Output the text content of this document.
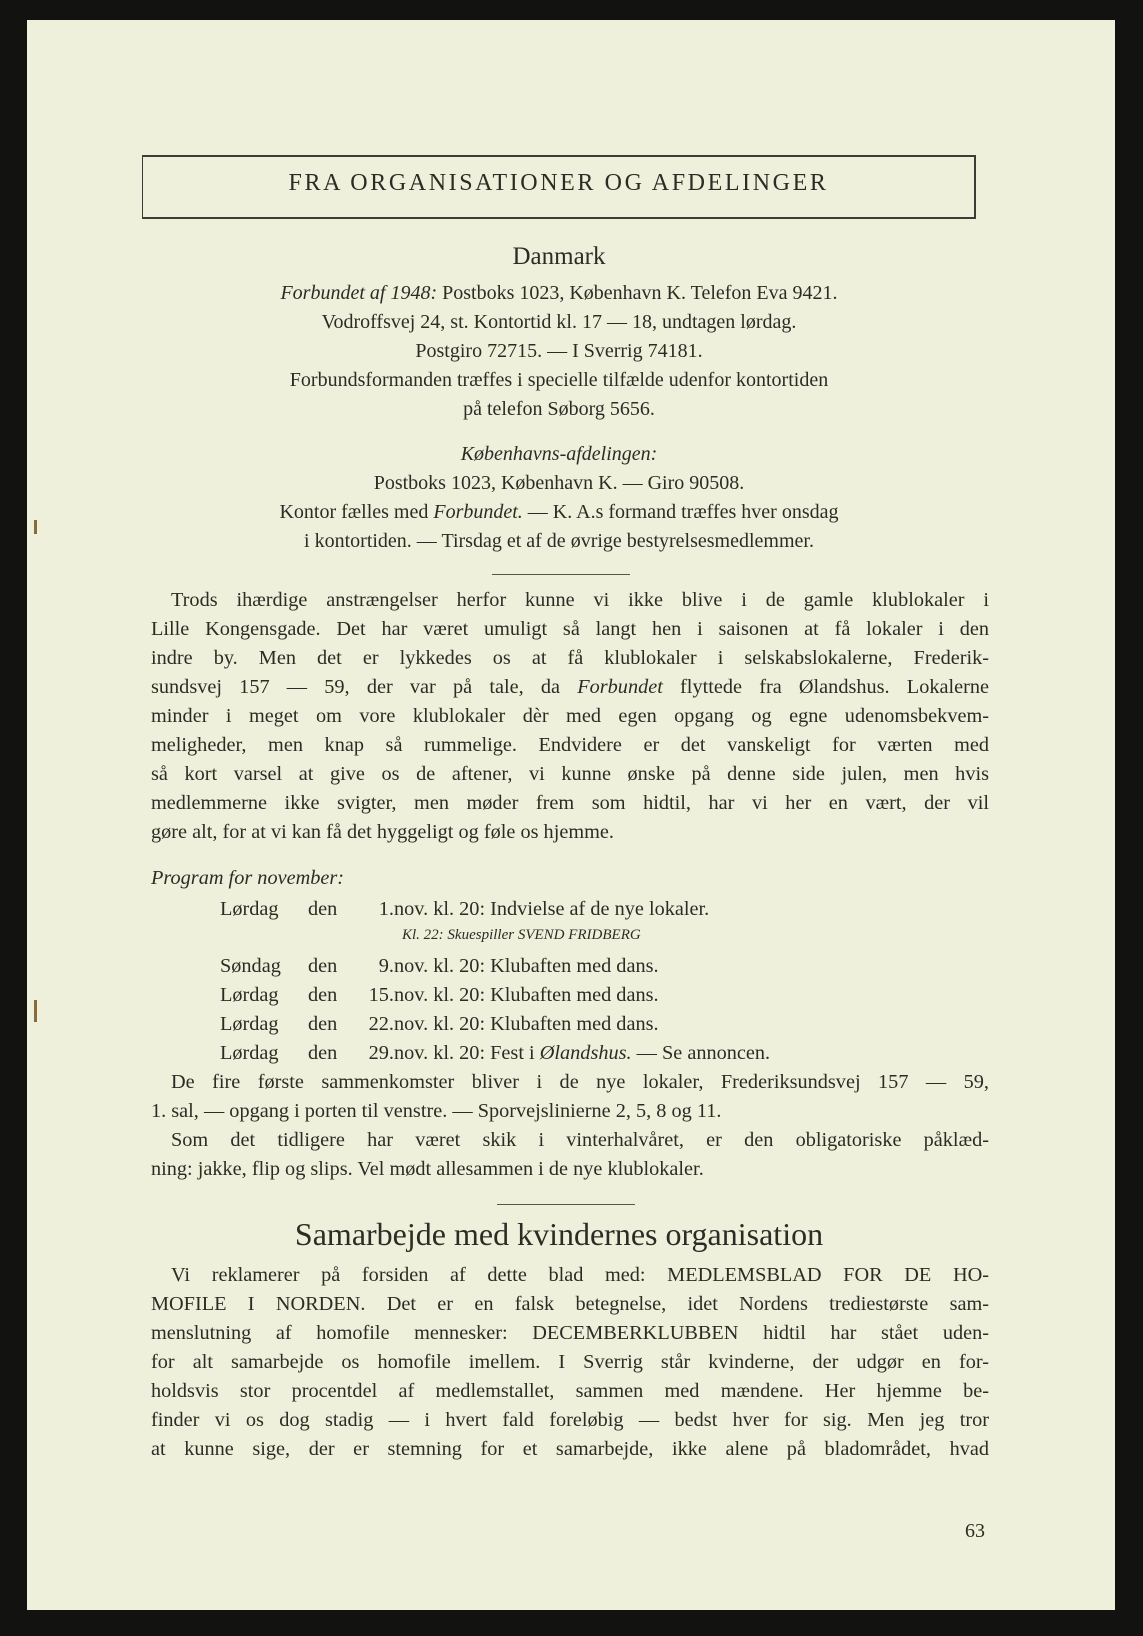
FRA ORGANISATIONER OG AFDELINGER
Danmark
Forbundet af 1948: Postboks 1023, København K. Telefon Eva 9421.
Vodroffsvej 24, st. Kontortid kl. 17 — 18, undtagen lørdag.
Postgiro 72715. — I Sverrig 74181.
Forbundsformanden træffes i specielle tilfælde udenfor kontortiden
på telefon Søborg 5656.
Københavns-afdelingen:
Postboks 1023, København K. — Giro 90508.
Kontor fælles med Forbundet. — K. A.s formand træffes hver onsdag
i kontortiden. — Tirsdag et af de øvrige bestyrelsesmedlemmer.
Trods ihærdige anstrængelser herfor kunne vi ikke blive i de gamle klublokaler i
Lille Kongensgade. Det har været umuligt så langt hen i saisonen at få lokaler i den
indre by. Men det er lykkedes os at få klublokaler i selskabslokalerne, Frederik-
sundsvej 157 — 59, der var på tale, da Forbundet flyttede fra Ølandshus. Lokalerne
minder i meget om vore klublokaler dèr med egen opgang og egne udenomsbekvem-
meligheder, men knap så rummelige. Endvidere er det vanskeligt for værten med
så kort varsel at give os de aftener, vi kunne ønske på denne side julen, men hvis
medlemmerne ikke svigter, men møder frem som hidtil, har vi her en vært, der vil
gøre alt, for at vi kan få det hyggeligt og føle os hjemme.
Program for november:
Lørdag den 1.nov. kl. 20: Indvielse af de nye lokaler.
Kl. 22: Skuespiller SVEND FRIDBERG
Søndag den 9.nov. kl. 20: Klubaften med dans.
Lørdag den 15.nov. kl. 20: Klubaften med dans.
Lørdag den 22.nov. kl. 20: Klubaften med dans.
Lørdag den 29.nov. kl. 20: Fest i Ølandshus. — Se annoncen.
De fire første sammenkomster bliver i de nye lokaler, Frederiksundsvej 157 — 59,
1. sal, — opgang i porten til venstre. — Sporvejslinierne 2, 5, 8 og 11.
Som det tidligere har været skik i vinterhalvåret, er den obligatoriske påklæd-
ning: jakke, flip og slips. Vel mødt allesammen i de nye klublokaler.
Samarbejde med kvindernes organisation
Vi reklamerer på forsiden af dette blad med: MEDLEMSBLAD FOR DE HO-
MOFILE I NORDEN. Det er en falsk betegnelse, idet Nordens trediestørste sam-
menslutning af homofile mennesker: DECEMBERKLUBBEN hidtil har stået uden-
for alt samarbejde os homofile imellem. I Sverrig står kvinderne, der udgør en for-
holdsvis stor procentdel af medlemstallet, sammen med mændene. Her hjemme be-
finder vi os dog stadig — i hvert fald foreløbig — bedst hver for sig. Men jeg tror
at kunne sige, der er stemning for et samarbejde, ikke alene på bladområdet, hvad
63
